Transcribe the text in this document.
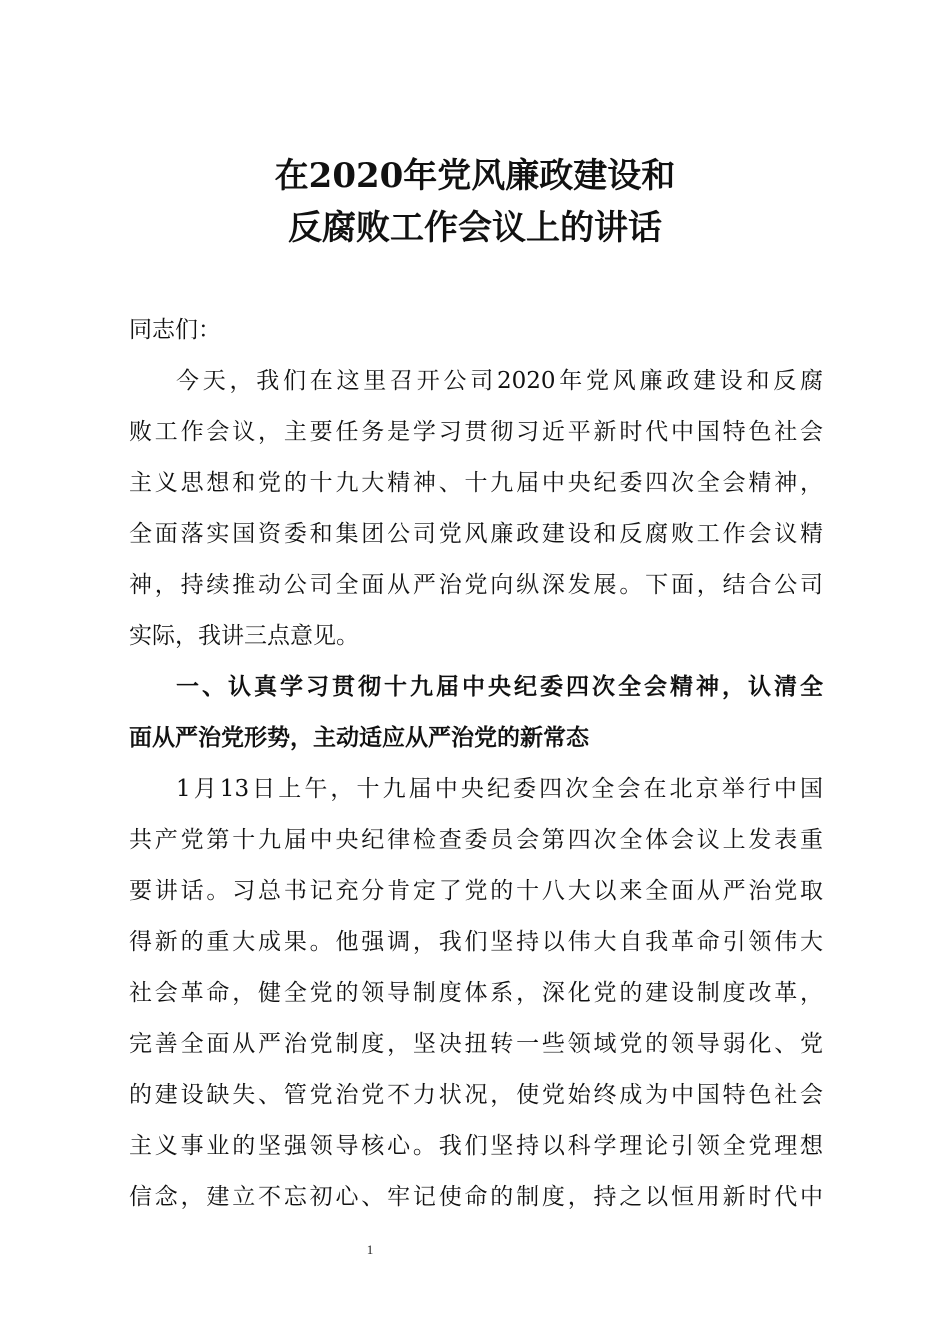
在2020年党风廉政建设和
反腐败工作会议上的讲话
同志们：
今天，我们在这里召开公司2020年党风廉政建设和反腐
败工作会议，主要任务是学习贯彻习近平新时代中国特色社会
主义思想和党的十九大精神、十九届中央纪委四次全会精神，
全面落实国资委和集团公司党风廉政建设和反腐败工作会议精
神，持续推动公司全面从严治党向纵深发展。下面，结合公司
实际，我讲三点意见。
一、认真学习贯彻十九届中央纪委四次全会精神，认清全
面从严治党形势，主动适应从严治党的新常态
1月13日上午，十九届中央纪委四次全会在北京举行中国
共产党第十九届中央纪律检查委员会第四次全体会议上发表重
要讲话。习总书记充分肯定了党的十八大以来全面从严治党取
得新的重大成果。他强调，我们坚持以伟大自我革命引领伟大
社会革命，健全党的领导制度体系，深化党的建设制度改革，
完善全面从严治党制度，坚决扭转一些领域党的领导弱化、党
的建设缺失、管党治党不力状况，使党始终成为中国特色社会
主义事业的坚强领导核心。我们坚持以科学理论引领全党理想
信念，建立不忘初心、牢记使命的制度，持之以恒用新时代中
1
